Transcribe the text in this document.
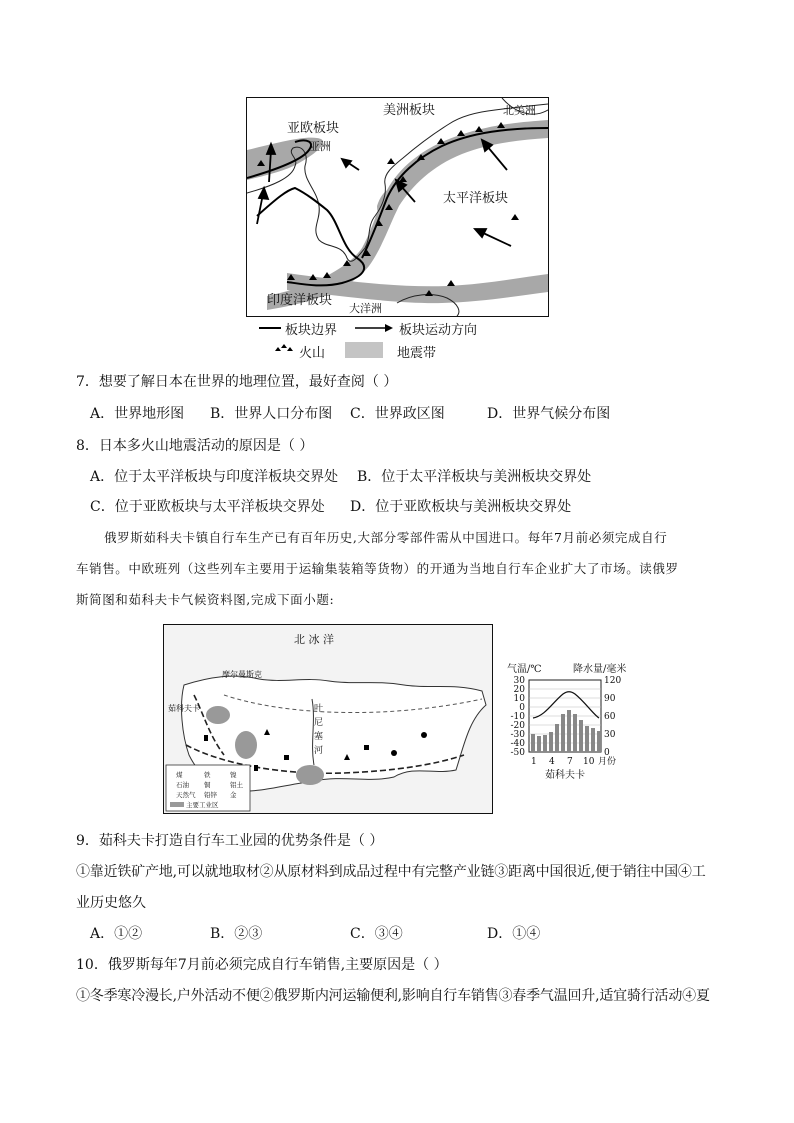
亚欧板块
美洲板块	北美洲
亚洲
太平洋板块
印度洋板块
大洋洲
板块边界	板块运动方向
火山	地震带
7．想要了解日本在世界的地理位置，最好查阅（ ）
A．世界地形图 B．世界人口分布图 C．世界政区图	D．世界气候分布图
8．日本多火山地震活动的原因是（ ）
A．位于太平洋板块与印度洋板块交界处 B．位于太平洋板块与美洲板块交界处
C．位于亚欧板块与太平洋板块交界处 D．位于亚欧板块与美洲板块交界处
俄罗斯茹科夫卡镇自行车生产已有百年历史,大部分零部件需从中国进口。每年7月前必须完成自行
车销售。中欧班列（这些列车主要用于运输集装箱等货物）的开通为当地自行车企业扩大了市场。读俄罗
斯简图和茹科夫卡气候资料图,完成下面小题:
北 冰 洋
摩尔曼斯克
茹科夫卡	叶
尼
塞
河
煤	铁	镍
石油 铜	铝土
天然气 铅锌 金
主要工业区
气温/℃	降水量/毫米
30
20
10
0
-10
-20
-30
-40
-50
120
90
60
30
0
1 4 7 10 月份
茹科夫卡
9．茹科夫卡打造自行车工业园的优势条件是（ ）
①靠近铁矿产地,可以就地取材②从原材料到成品过程中有完整产业链③距离中国很近,便于销往中国④工
业历史悠久
A．①②	B．②③	C．③④	D．①④
10．俄罗斯每年7月前必须完成自行车销售,主要原因是（ ）
①冬季寒冷漫长,户外活动不便②俄罗斯内河运输便利,影响自行车销售③春季气温回升,适宜骑行活动④夏
